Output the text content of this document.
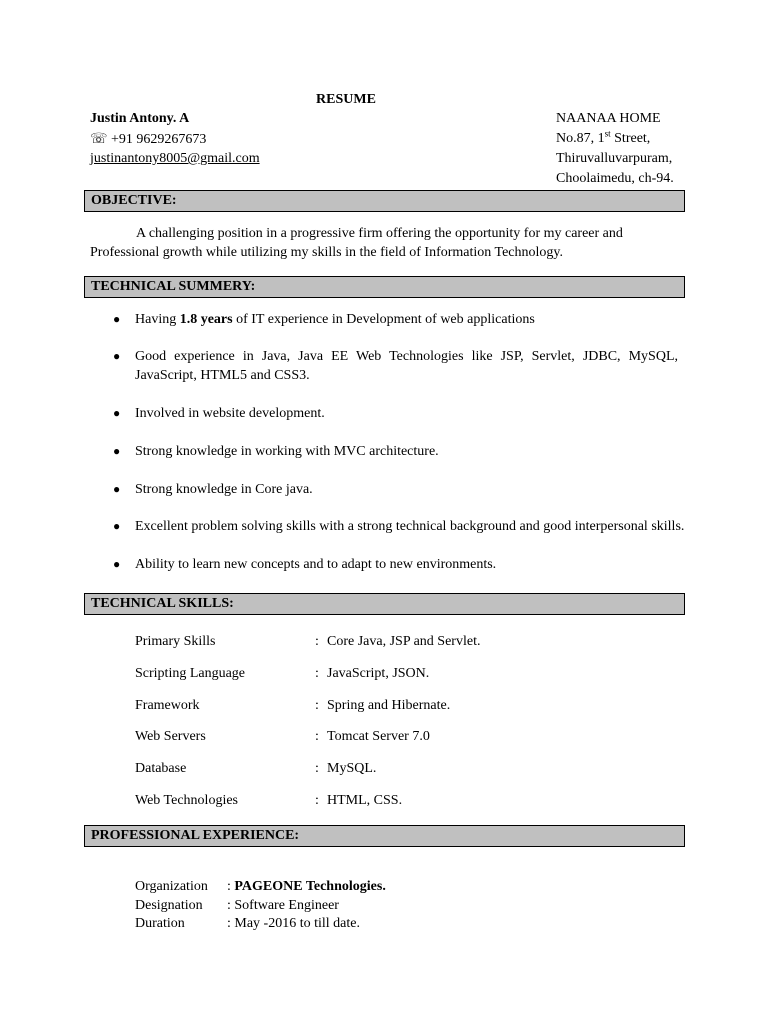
RESUME
Justin Antony. A
☏ +91 9629267673
justinantony8005@gmail.com
NAANAA HOME
No.87, 1st Street,
Thiruvalluvarpuram,
Choolaimedu, ch-94.
OBJECTIVE:
A challenging position in a progressive firm offering the opportunity for my career and
Professional growth while utilizing my skills in the field of Information Technology.
TECHNICAL SUMMERY:
● Having 1.8 years of IT experience in Development of web applications
● Good experience in Java, Java EE Web Technologies like JSP, Servlet, JDBC, MySQL, JavaScript, HTML5 and CSS3.
● Involved in website development.
● Strong knowledge in working with MVC architecture.
● Strong knowledge in Core java.
● Excellent problem solving skills with a strong technical background and good interpersonal skills.
● Ability to learn new concepts and to adapt to new environments.
TECHNICAL SKILLS:
Primary Skills	: Core Java, JSP and Servlet.
Scripting Language	: JavaScript, JSON.
Framework	: Spring and Hibernate.
Web Servers	: Tomcat Server 7.0
Database	: MySQL.
Web Technologies	: HTML, CSS.
PROFESSIONAL EXPERIENCE:
Organization : PAGEONE Technologies.
Designation : Software Engineer
Duration	: May -2016 to till date.
